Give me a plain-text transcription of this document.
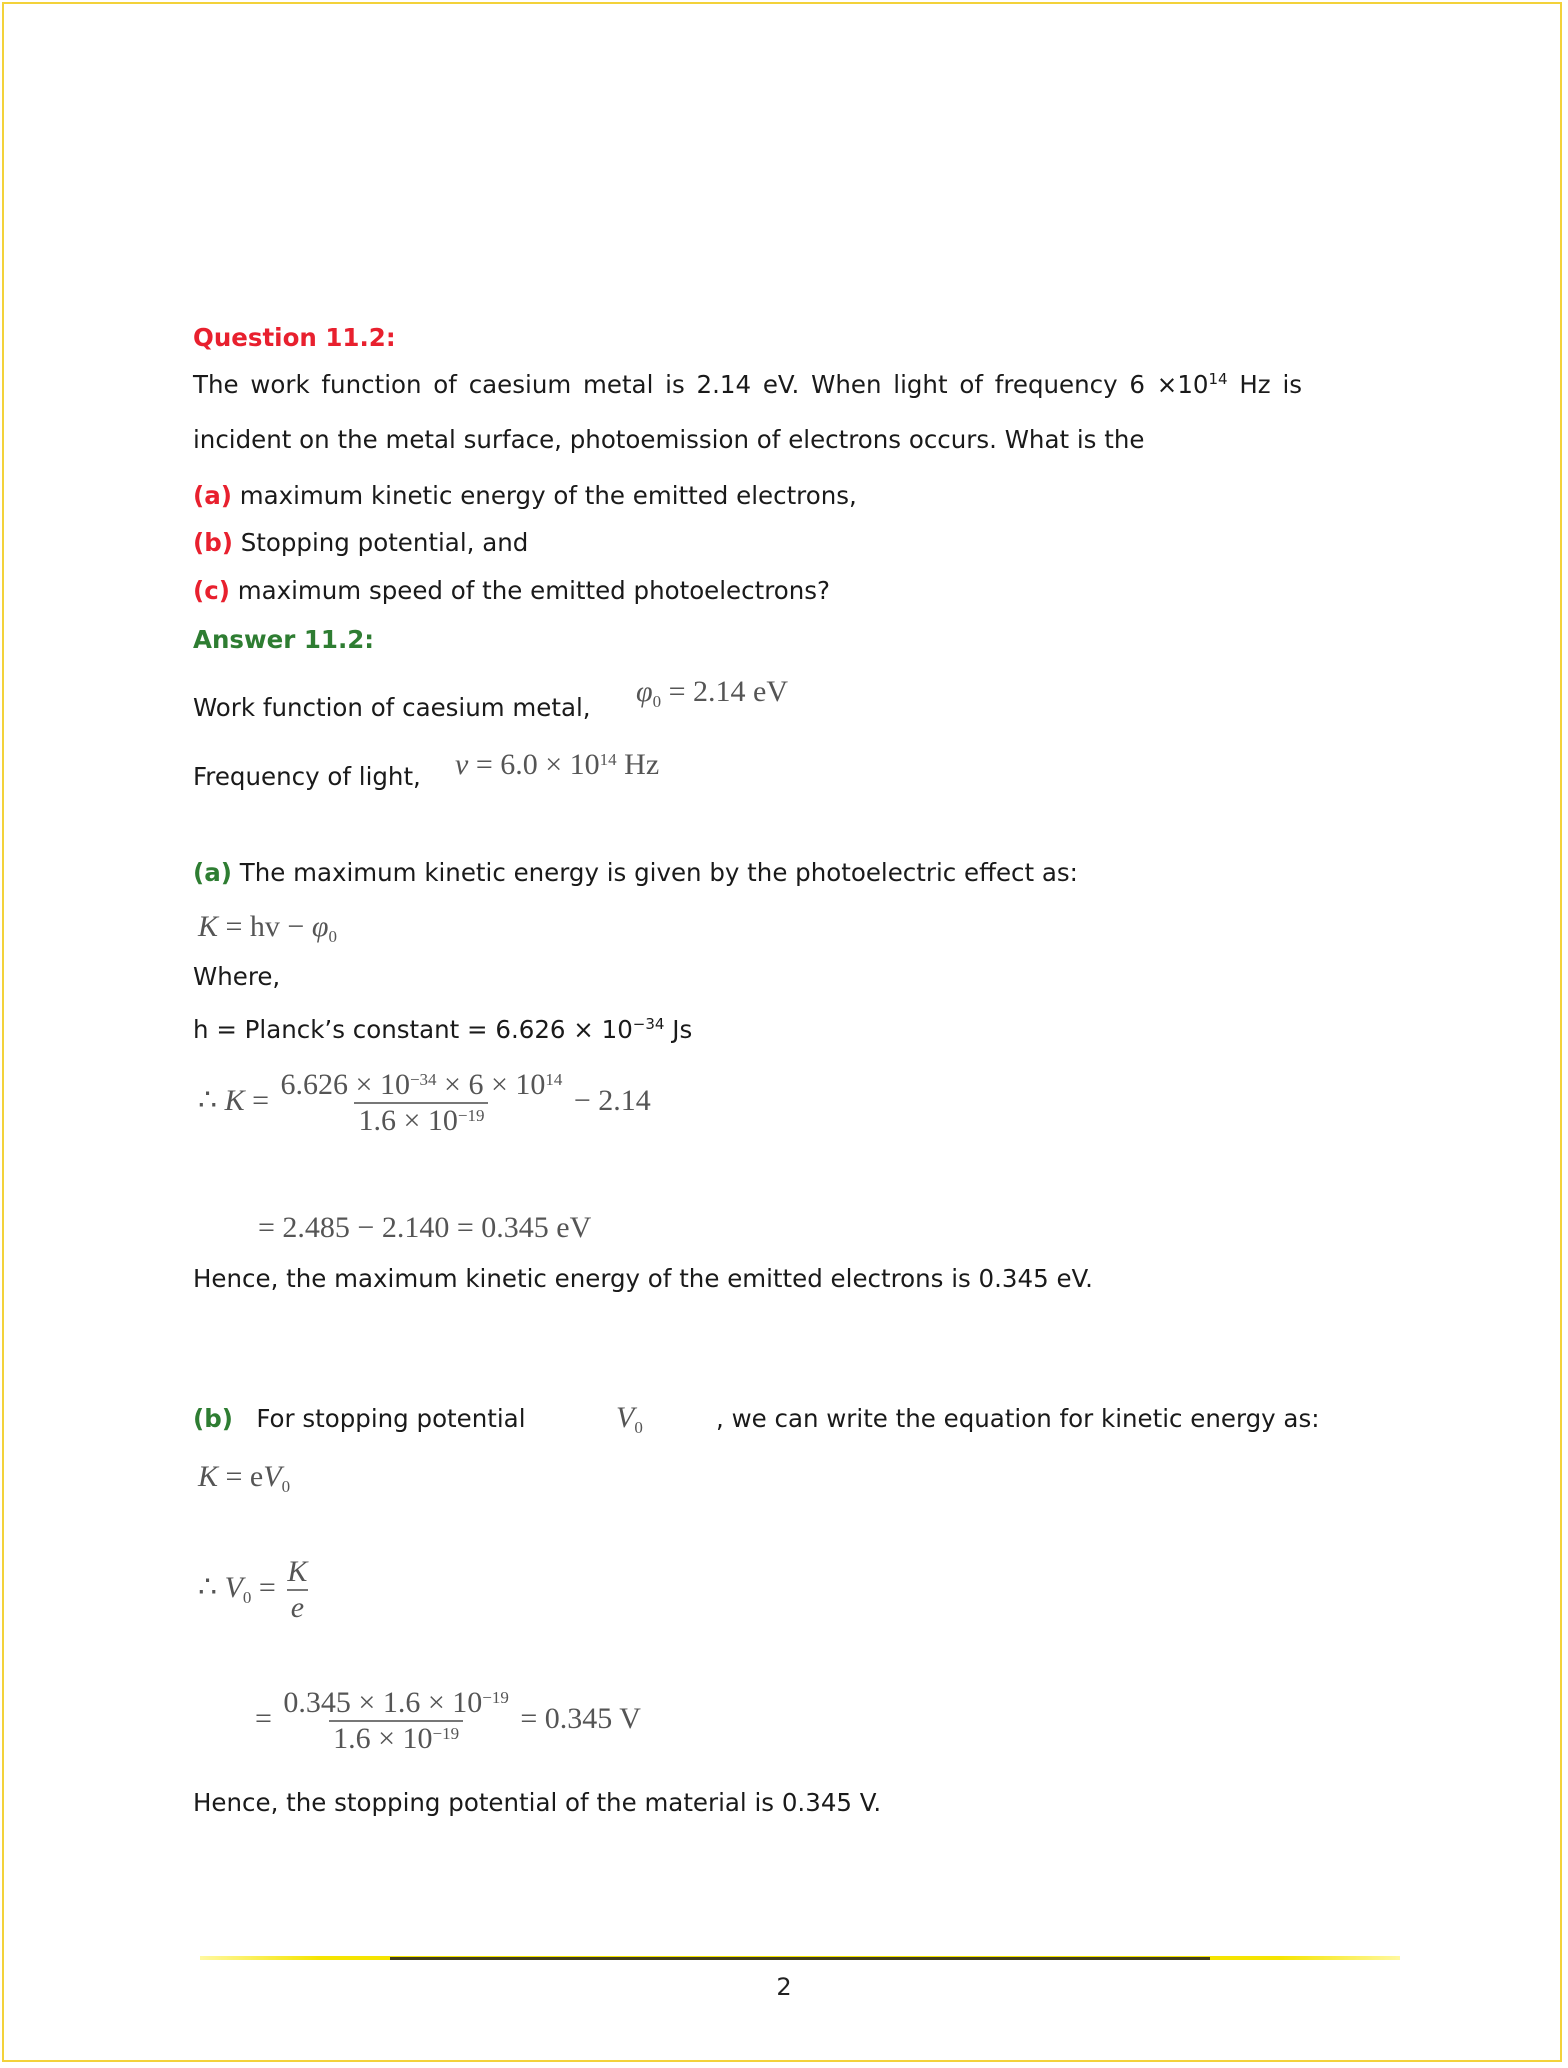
Question 11.2:
The work function of caesium metal is 2.14 eV. When light of frequency $6 \times 10^{14}$ Hz is
incident on the metal surface, photoemission of electrons occurs. What is the
(a) maximum kinetic energy of the emitted electrons,
(b) Stopping potential, and
(c) maximum speed of the emitted photoelectrons?
Answer 11.2:
Work function of caesium metal, $\varphi_0 = 2.14$ eV
Frequency of light, $\nu = 6.0 \times 10^{14}$ Hz
(a) The maximum kinetic energy is given by the photoelectric effect as:
K = hv − $\varphi_0$
Where,
h = Planck’s constant = $6.626 \times 10^{-34}$ Js
∴ $K = \frac{6.626 \times 10^{-34} \times 6 \times 10^{14}}{1.6 \times 10^{-19}} - 2.14$
= 2.485 − 2.140 = 0.345 eV
Hence, the maximum kinetic energy of the emitted electrons is 0.345 eV.
(b) For stopping potential	$V_0$	, we can write the equation for kinetic energy as:
$K = eV_0$
∴ $V_0 = \frac{K}{e}$
= $\frac{0.345 \times 1.6 \times 10^{-19}}{1.6 \times 10^{-19}} = 0.345$ V
Hence, the stopping potential of the material is 0.345 V.
2
